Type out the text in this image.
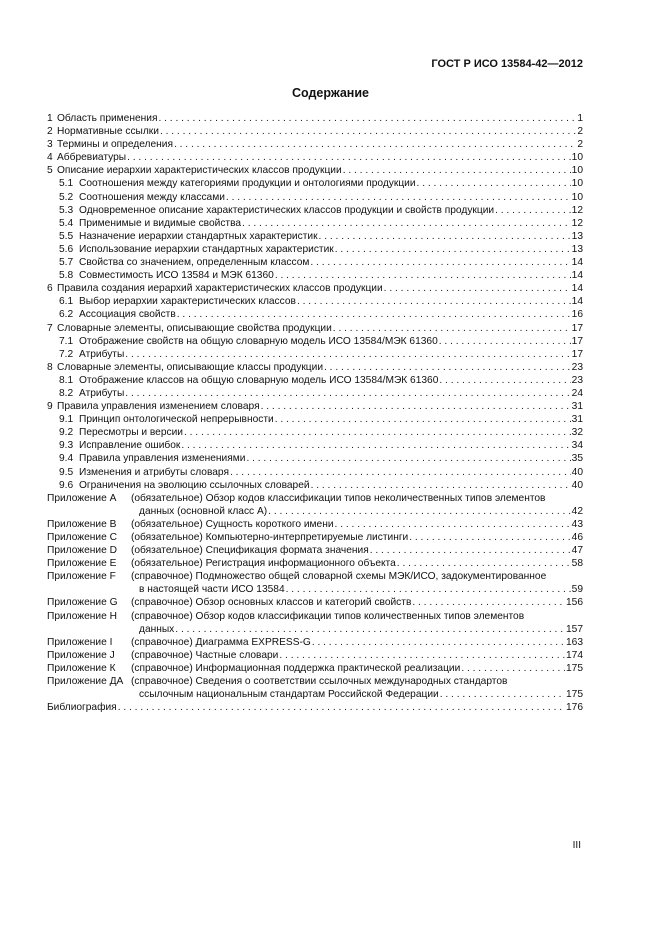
ГОСТ Р ИСО 13584-42—2012
Содержание
1 Область применения . . .	1
2 Нормативные ссылки . . .	2
3 Термины и определения . . .	2
4 Аббревиатуры . . .	10
5 Описание иерархии характеристических классов продукции . . .	10
5.1 Соотношения между категориями продукции и онтологиями продукции . . .	10
5.2 Соотношения между классами . . .	10
5.3 Одновременное описание характеристических классов продукции и свойств продукции . . .	12
5.4 Применимые и видимые свойства . . .	12
5.5 Назначение иерархии стандартных характеристик . . .	13
5.6 Использование иерархии стандартных характеристик . . .	13
5.7 Свойства со значением, определенным классом . . .	14
5.8 Совместимость ИСО 13584 и МЭК 61360 . . .	14
6 Правила создания иерархий характеристических классов продукции . . .	14
6.1 Выбор иерархии характеристических классов . . .	14
6.2 Ассоциация свойств . . .	16
7 Словарные элементы, описывающие свойства продукции . . .	17
7.1 Отображение свойств на общую словарную модель ИСО 13584/МЭК 61360 . . .	17
7.2 Атрибуты . . .	17
8 Словарные элементы, описывающие классы продукции . . .	23
8.1 Отображение классов на общую словарную модель ИСО 13584/МЭК 61360 . . .	23
8.2 Атрибуты . . .	24
9 Правила управления изменением словаря . . .	31
9.1 Принцип онтологической непрерывности . . .	31
9.2 Пересмотры и версии . . .	32
9.3 Исправление ошибок . . .	34
9.4 Правила управления изменениями . . .	35
9.5 Изменения и атрибуты словаря . . .	40
9.6 Ограничения на эволюцию ссылочных словарей . . .	40
Приложение А	(обязательное) Обзор кодов классификации типов неколичественных типов элементов
данных (основной класс А) . . .	42
Приложение В	(обязательное) Сущность короткого имени . . .	43
Приложение С	(обязательное) Компьютерно-интерпретируемые листинги . . .	46
Приложение D	(обязательное) Спецификация формата значения . . .	47
Приложение Е	(обязательное) Регистрация информационного объекта . . .	58
Приложение F	(справочное) Подмножество общей словарной схемы МЭК/ИСО, задокументированное
в настоящей части ИСО 13584 . . .	59
Приложение G	(справочное) Обзор основных классов и категорий свойств . . .	156
Приложение Н	(справочное) Обзор кодов классификации типов количественных типов элементов
данных . . .	157
Приложение I	(справочное) Диаграмма EXPRESS-G . . .	163
Приложение J	(справочное) Частные словари . . .	174
Приложение К	(справочное) Информационная поддержка практической реализации . . .	175
Приложение ДА (справочное) Сведения о соответствии ссылочных международных стандартов
ссылочным национальным стандартам Российской Федерации . . .	175
Библиография . . .	176
III
